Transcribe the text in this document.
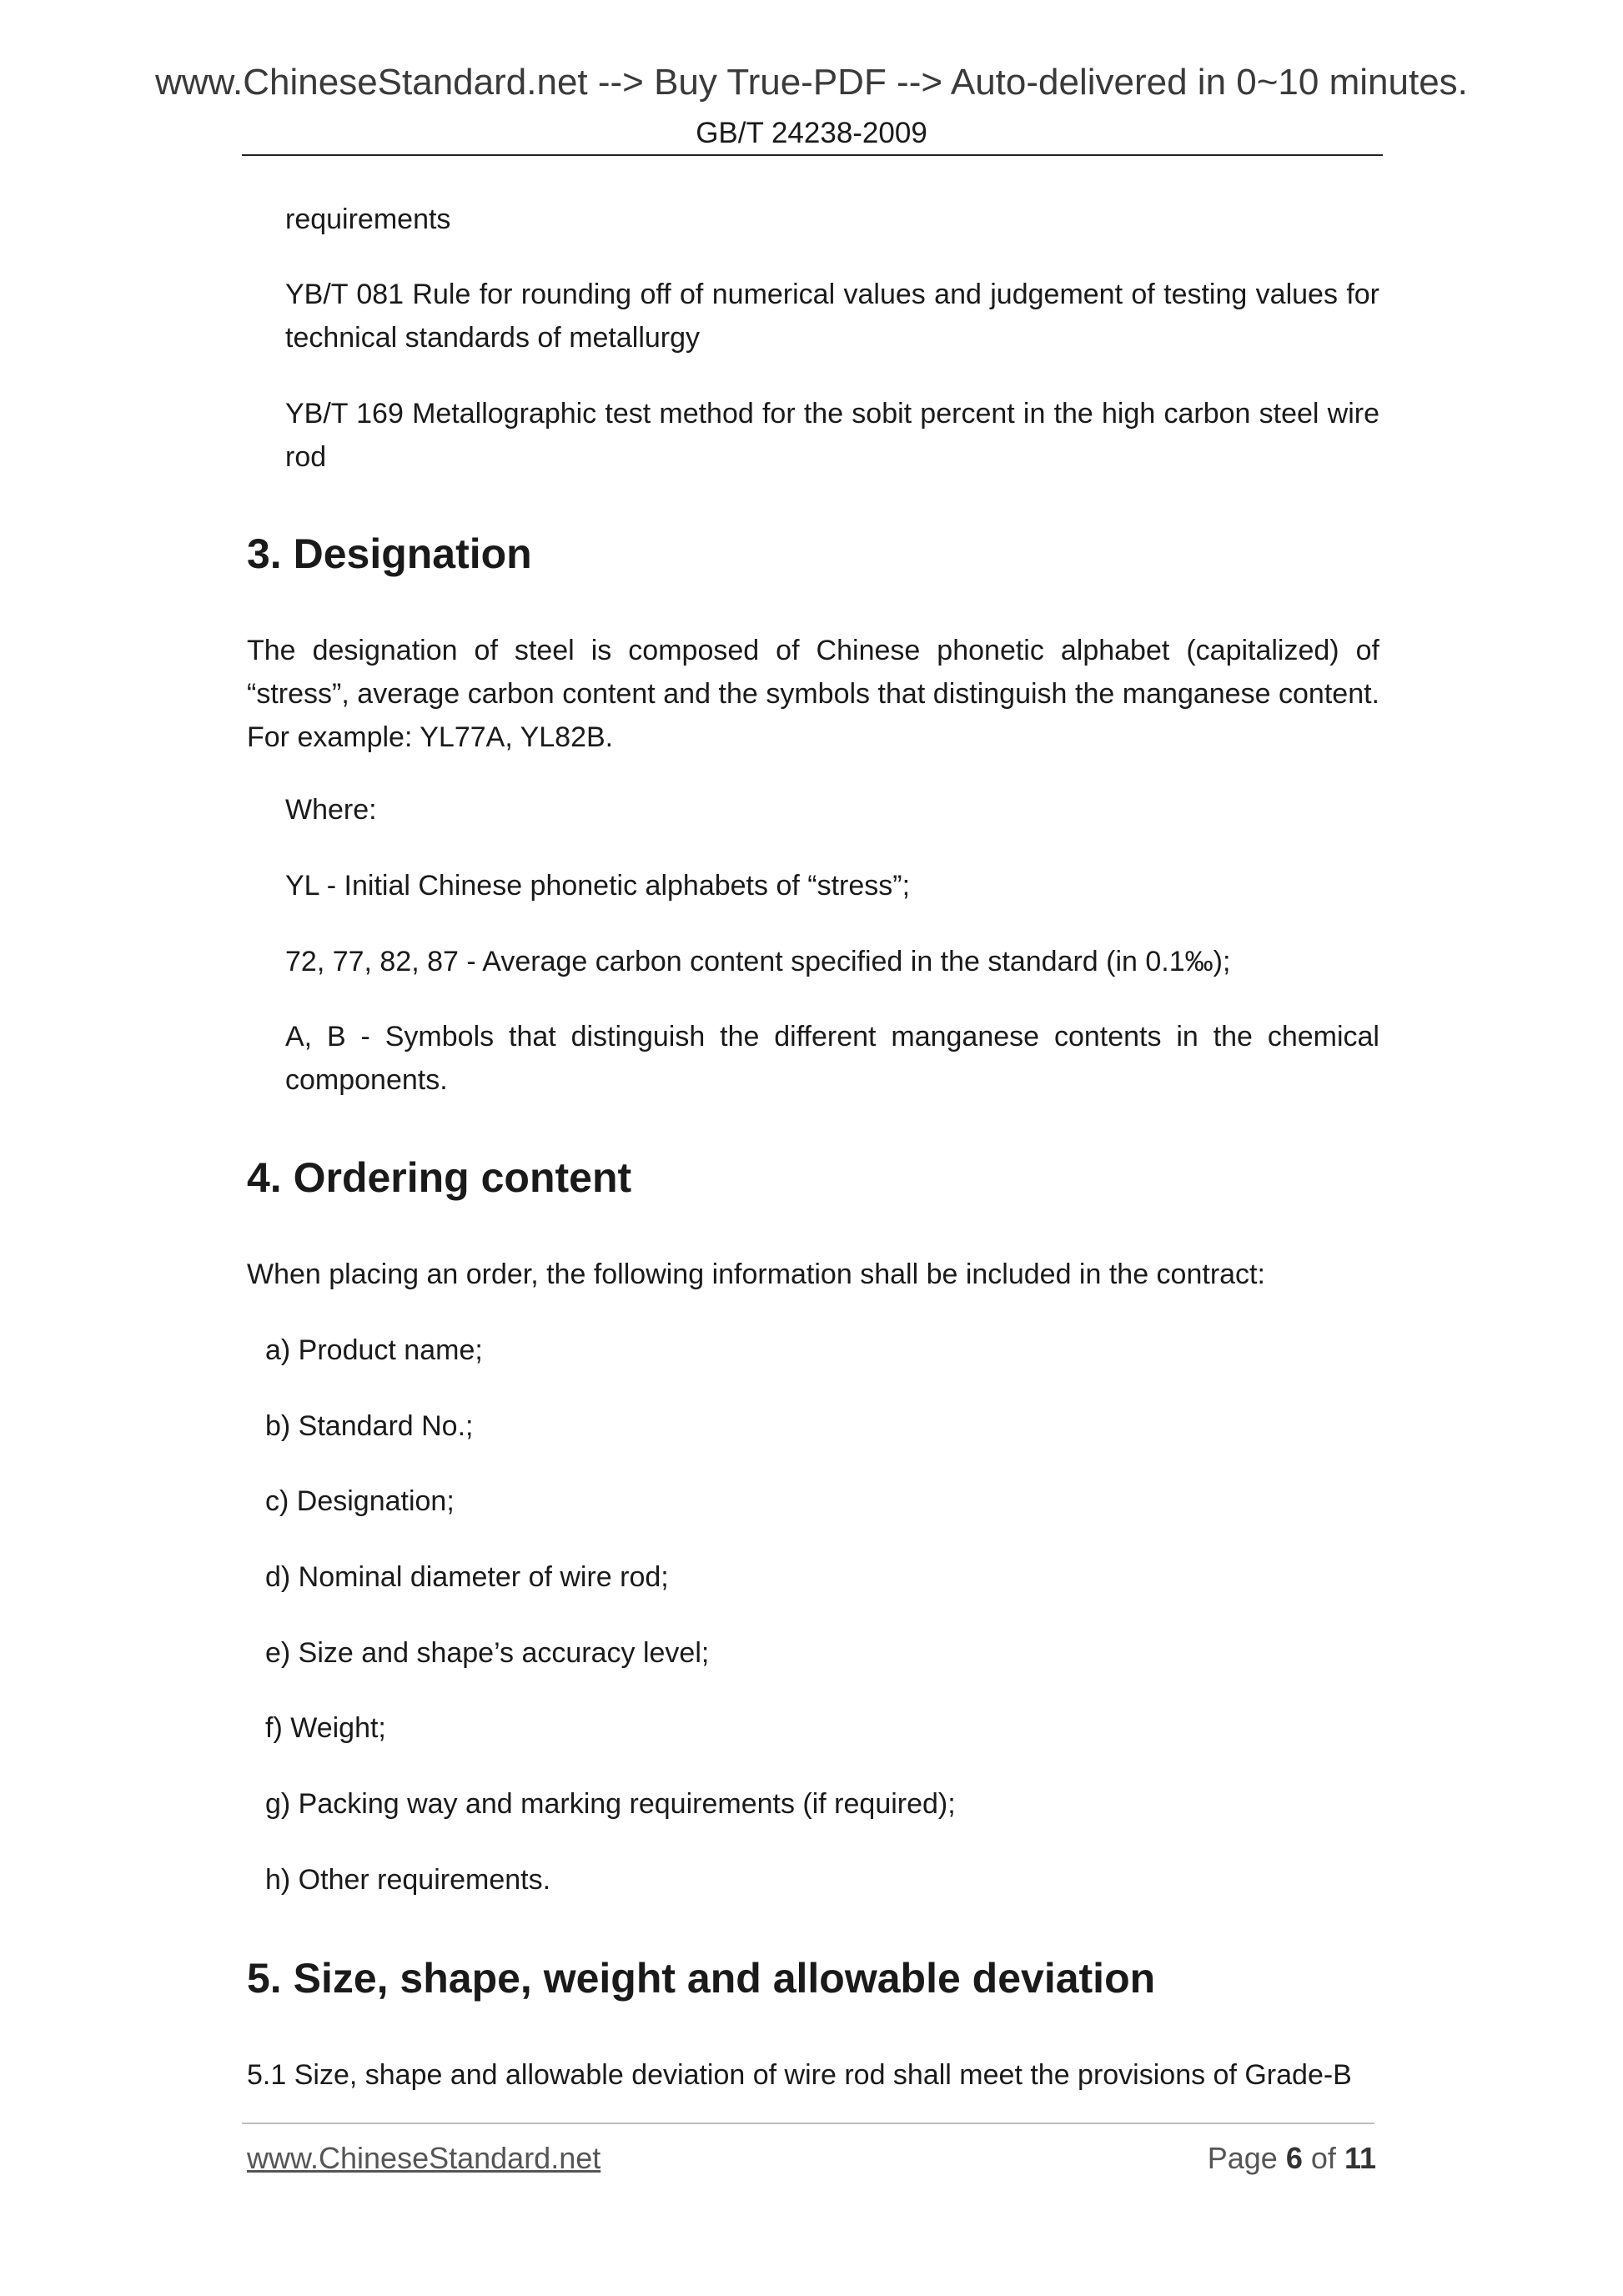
www.ChineseStandard.net --> Buy True-PDF --> Auto-delivered in 0~10 minutes.
GB/T 24238-2009

requirements

YB/T 081 Rule for rounding off of numerical values and judgement of testing values for technical standards of metallurgy

YB/T 169 Metallographic test method for the sobit percent in the high carbon steel wire rod

3. Designation

The designation of steel is composed of Chinese phonetic alphabet (capitalized) of “stress”, average carbon content and the symbols that distinguish the manganese content. For example: YL77A, YL82B.

Where:

YL - Initial Chinese phonetic alphabets of “stress”;

72, 77, 82, 87 - Average carbon content specified in the standard (in 0.1‰);

A, B - Symbols that distinguish the different manganese contents in the chemical components.

4. Ordering content

When placing an order, the following information shall be included in the contract:

a) Product name;

b) Standard No.;

c) Designation;

d) Nominal diameter of wire rod;

e) Size and shape’s accuracy level;

f) Weight;

g) Packing way and marking requirements (if required);

h) Other requirements.

5. Size, shape, weight and allowable deviation

5.1 Size, shape and allowable deviation of wire rod shall meet the provisions of Grade-B

www.ChineseStandard.net	Page 6 of 11
